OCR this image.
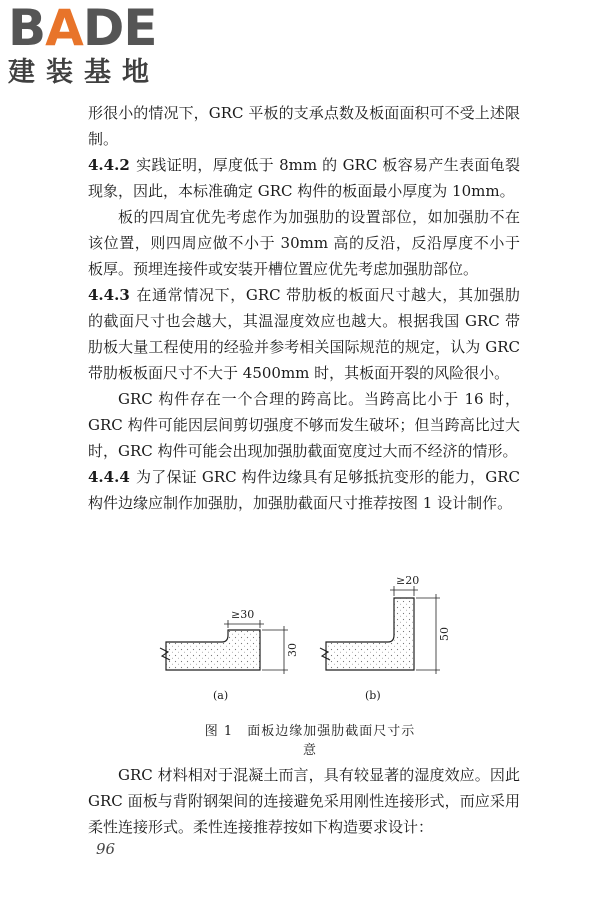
B A D E
建装基地

形很小的情况下，GRC 平板的支承点数及板面面积可不受上述限制。

4.4.2 实践证明，厚度低于 8mm 的 GRC 板容易产生表面龟裂现象，因此，本标准确定 GRC 构件的板面最小厚度为 10mm。

板的四周宜优先考虑作为加强肋的设置部位，如加强肋不在该位置，则四周应做不小于 30mm 高的反沿，反沿厚度不小于板厚。预埋连接件或安装开槽位置应优先考虑加强肋部位。

4.4.3 在通常情况下，GRC 带肋板的板面尺寸越大，其加强肋的截面尺寸也会越大，其温湿度效应也越大。根据我国 GRC 带肋板大量工程使用的经验并参考相关国际规范的规定，认为 GRC 带肋板板面尺寸不大于 4500mm 时，其板面开裂的风险很小。

GRC 构件存在一个合理的跨高比。当跨高比小于 16 时，GRC 构件可能因层间剪切强度不够而发生破坏；但当跨高比过大时，GRC 构件可能会出现加强肋截面宽度过大而不经济的情形。

4.4.4 为了保证 GRC 构件边缘具有足够抵抗变形的能力，GRC 构件边缘应制作加强肋，加强肋截面尺寸推荐按图 1 设计制作。

≥30
30
≥20
50
(a)	(b)
图 1　面板边缘加强肋截面尺寸示意

GRC 材料相对于混凝土而言，具有较显著的湿度效应。因此 GRC 面板与背附钢架间的连接避免采用刚性连接形式，而应采用柔性连接形式。柔性连接推荐按如下构造要求设计：

96
